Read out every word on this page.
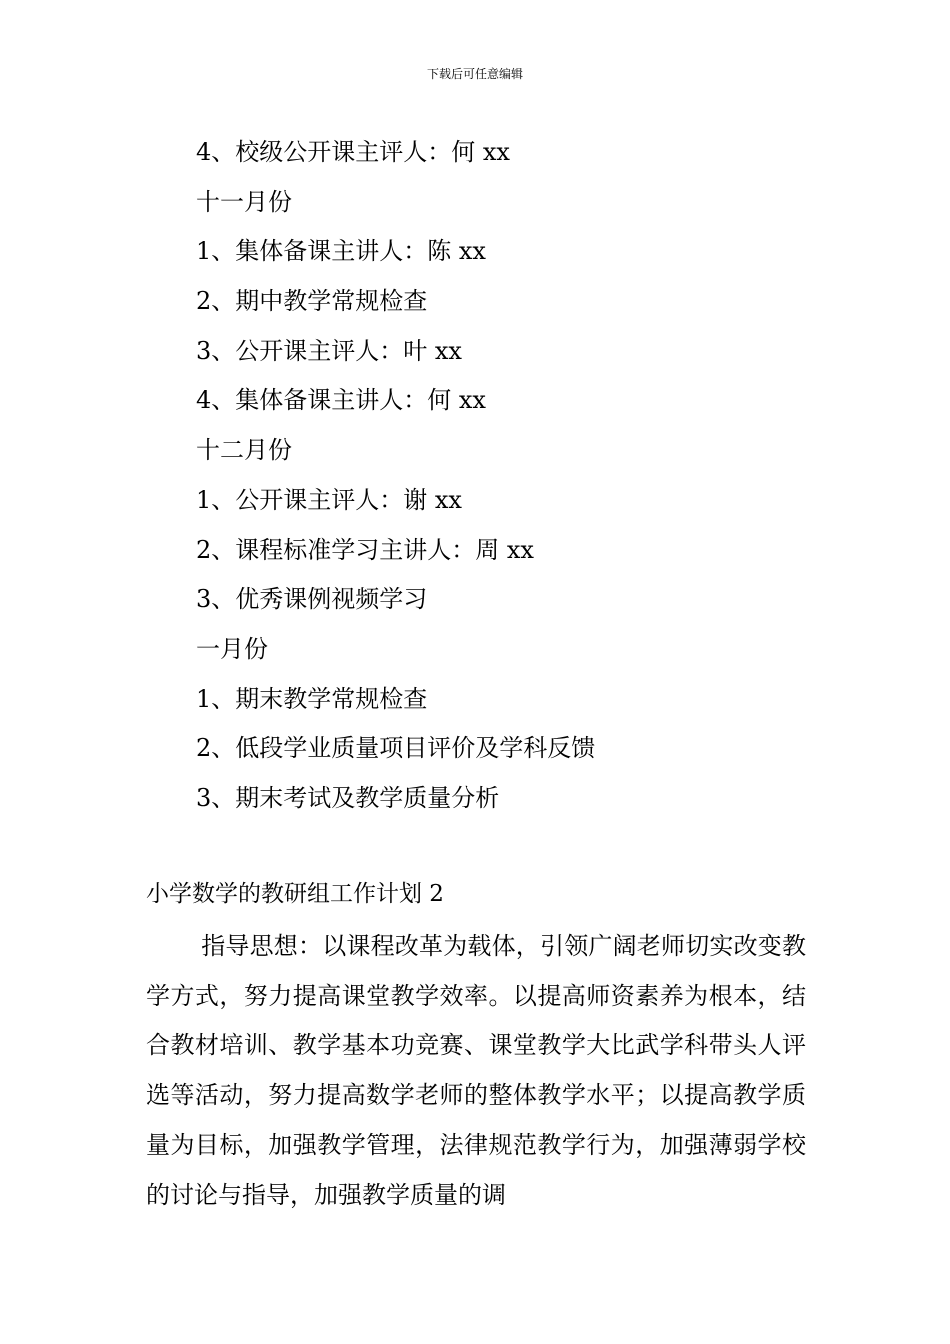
下载后可任意编辑
4、校级公开课主评人：何 xx
十一月份
1、集体备课主讲人：陈 xx
2、期中教学常规检查
3、公开课主评人：叶 xx
4、集体备课主讲人：何 xx
十二月份
1、公开课主评人：谢 xx
2、课程标准学习主讲人：周 xx
3、优秀课例视频学习
一月份
1、期末教学常规检查
2、低段学业质量项目评价及学科反馈
3、期末考试及教学质量分析
小学数学的教研组工作计划 2

指导思想：以课程改革为载体，引领广阔老师切实改变教学方式，努力提高课堂教学效率。以提高师资素养为根本，结合教材培训、教学基本功竞赛、课堂教学大比武学科带头人评选等活动，努力提高数学老师的整体教学水平；以提高教学质量为目标，加强教学管理，法律规范教学行为，加强薄弱学校的讨论与指导，加强教学质量的调
